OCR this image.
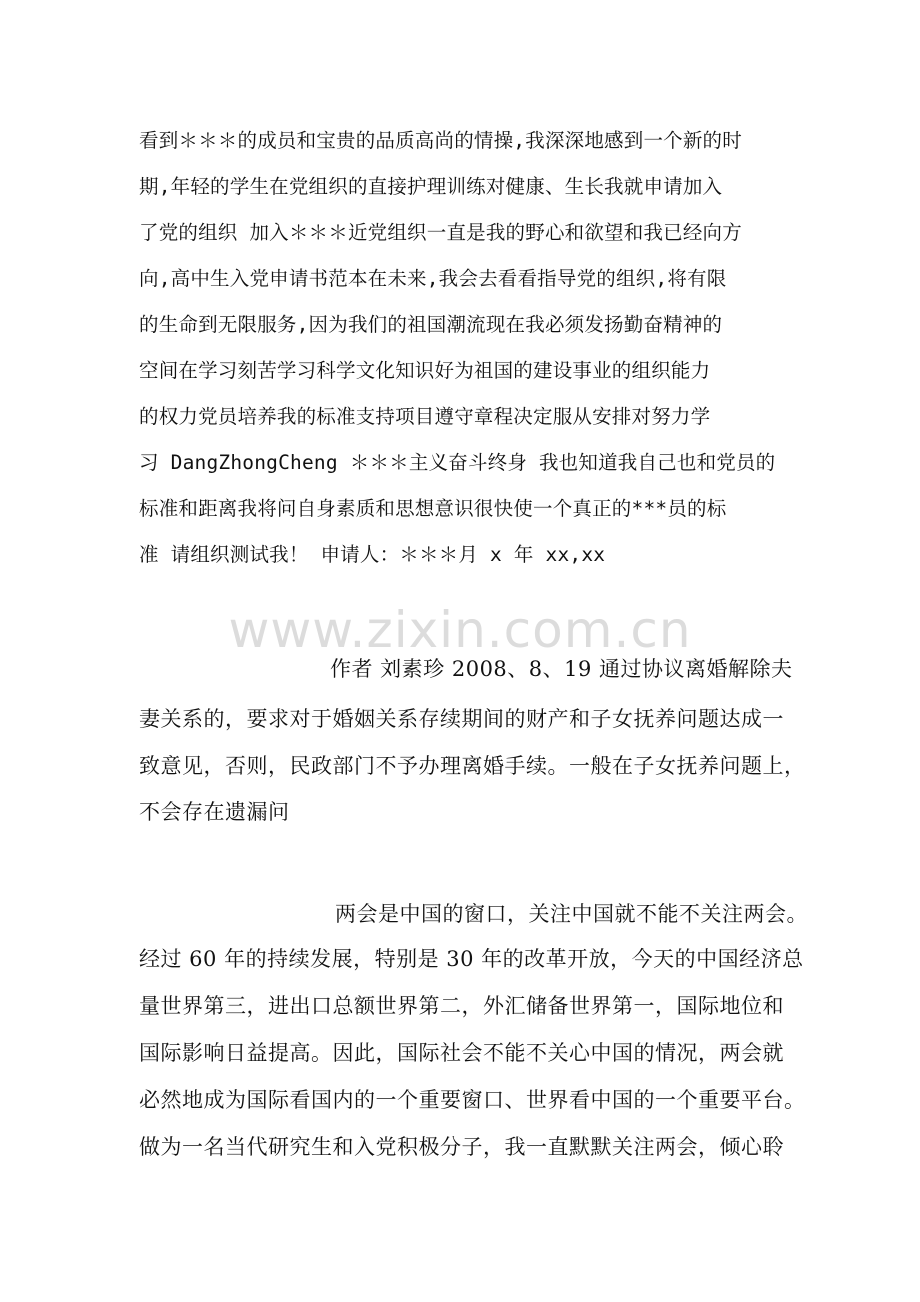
看到＊＊＊的成员和宝贵的品质高尚的情操,我深深地感到一个新的时
期,年轻的学生在党组织的直接护理训练对健康、生长我就申请加入
了党的组织 加入＊＊＊近党组织一直是我的野心和欲望和我已经向方
向,高中生入党申请书范本在未来,我会去看看指导党的组织,将有限
的生命到无限服务,因为我们的祖国潮流现在我必须发扬勤奋精神的
空间在学习刻苦学习科学文化知识好为祖国的建设事业的组织能力
的权力党员培养我的标准支持项目遵守章程决定服从安排对努力学
习 DangZhongCheng ＊＊＊主义奋斗终身 我也知道我自己也和党员的
标准和距离我将问自身素质和思想意识很快使一个真正的***员的标
准 请组织测试我！ 申请人：＊＊＊月 x 年 xx,xx
www.zixin.com.cn
作者 刘素珍 2008、8、19 通过协议离婚解除夫
妻关系的，要求对于婚姻关系存续期间的财产和子女抚养问题达成一
致意见，否则，民政部门不予办理离婚手续。一般在子女抚养问题上，
不会存在遗漏问
两会是中国的窗口，关注中国就不能不关注两会。
经过 60 年的持续发展，特别是 30 年的改革开放，今天的中国经济总
量世界第三，进出口总额世界第二，外汇储备世界第一，国际地位和
国际影响日益提高。因此，国际社会不能不关心中国的情况，两会就
必然地成为国际看国内的一个重要窗口、世界看中国的一个重要平台。
做为一名当代研究生和入党积极分子，我一直默默关注两会，倾心聆
